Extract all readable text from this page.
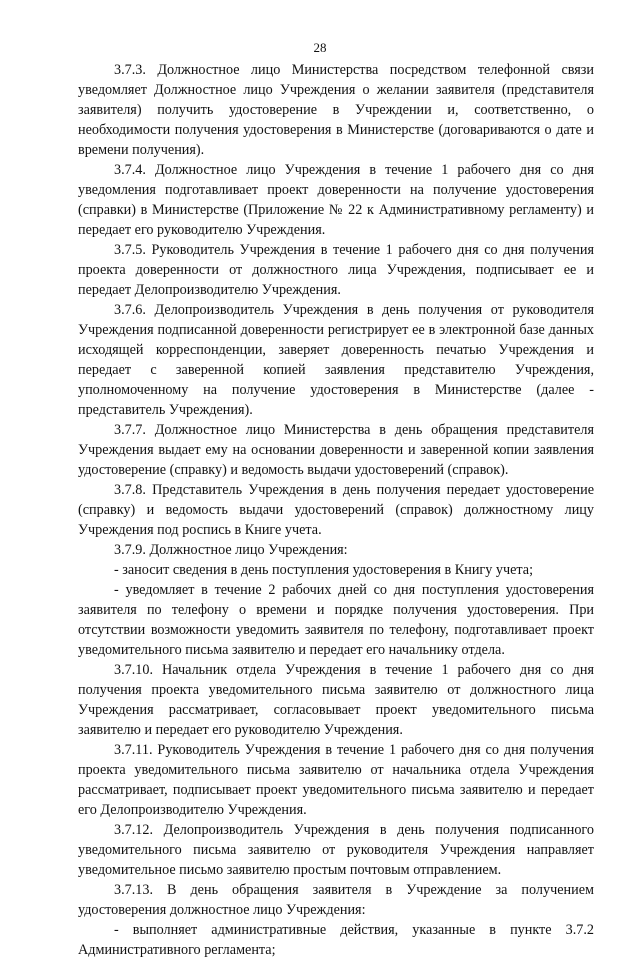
28

3.7.3. Должностное лицо Министерства посредством телефонной связи уведомляет Должностное лицо Учреждения о желании заявителя (представителя заявителя) получить удостоверение в Учреждении и, соответственно, о необходимости получения удостоверения в Министерстве (договариваются о дате и времени получения).

3.7.4. Должностное лицо Учреждения в течение 1 рабочего дня со дня уведомления подготавливает проект доверенности на получение удостоверения (справки) в Министерстве (Приложение № 22 к Административному регламенту) и передает его руководителю Учреждения.

3.7.5. Руководитель Учреждения в течение 1 рабочего дня со дня получения проекта доверенности от должностного лица Учреждения, подписывает ее и передает Делопроизводителю Учреждения.

3.7.6. Делопроизводитель Учреждения в день получения от руководителя Учреждения подписанной доверенности регистрирует ее в электронной базе данных исходящей корреспонденции, заверяет доверенность печатью Учреждения и передает с заверенной копией заявления представителю Учреждения, уполномоченному на получение удостоверения в Министерстве (далее - представитель Учреждения).

3.7.7. Должностное лицо Министерства в день обращения представителя Учреждения выдает ему на основании доверенности и заверенной копии заявления удостоверение (справку) и ведомость выдачи удостоверений (справок).

3.7.8. Представитель Учреждения в день получения передает удостоверение (справку) и ведомость выдачи удостоверений (справок) должностному лицу Учреждения под роспись в Книге учета.

3.7.9. Должностное лицо Учреждения:

- заносит сведения в день поступления удостоверения в Книгу учета;

- уведомляет в течение 2 рабочих дней со дня поступления удостоверения заявителя по телефону о времени и порядке получения удостоверения. При отсутствии возможности уведомить заявителя по телефону, подготавливает проект уведомительного письма заявителю и передает его начальнику отдела.

3.7.10. Начальник отдела Учреждения в течение 1 рабочего дня со дня получения проекта уведомительного письма заявителю от должностного лица Учреждения рассматривает, согласовывает проект уведомительного письма заявителю и передает его руководителю Учреждения.

3.7.11. Руководитель Учреждения в течение 1 рабочего дня со дня получения проекта уведомительного письма заявителю от начальника отдела Учреждения рассматривает, подписывает проект уведомительного письма заявителю и передает его Делопроизводителю Учреждения.

3.7.12. Делопроизводитель Учреждения в день получения подписанного уведомительного письма заявителю от руководителя Учреждения направляет уведомительное письмо заявителю простым почтовым отправлением.

3.7.13. В день обращения заявителя в Учреждение за получением удостоверения должностное лицо Учреждения:

- выполняет административные действия, указанные в пункте 3.7.2 Административного регламента;
